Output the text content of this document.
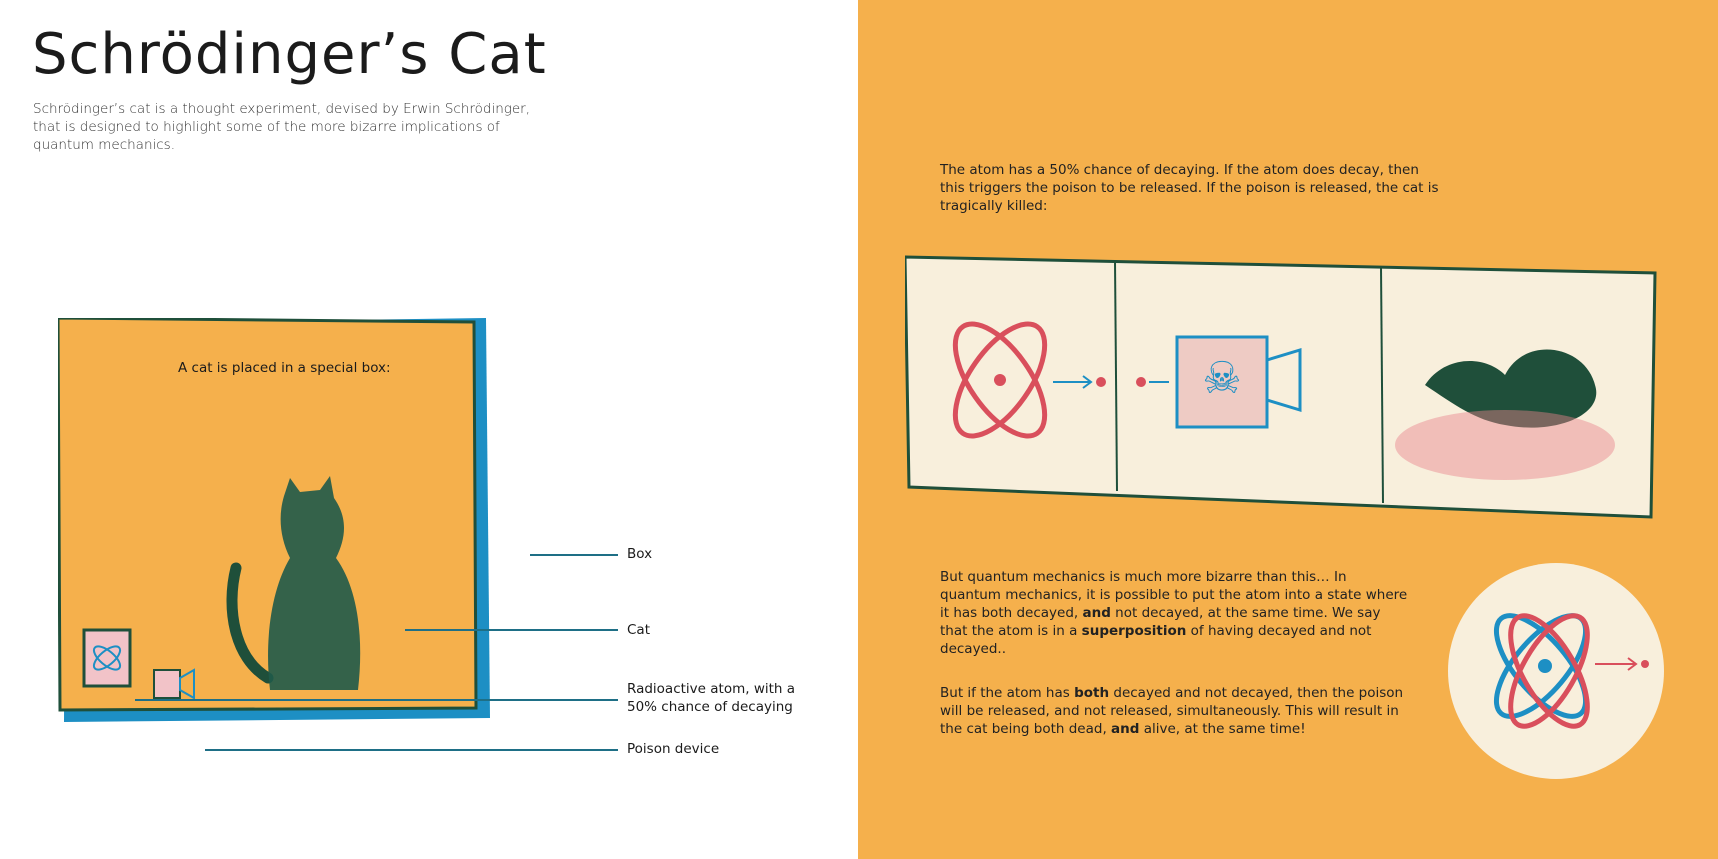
Schrödinger’s Cat
Schrödinger’s cat is a thought experiment, devised by Erwin Schrödinger, that is designed to highlight some of the more bizarre implications of quantum mechanics.
A cat is placed in a special box:
Box
Cat
Radioactive atom, with a
50% chance of decaying
Poison device
The atom has a 50% chance of decaying. If the atom does decay, then this triggers the poison to be released. If the poison is released, the cat is tragically killed:
☠
But quantum mechanics is much more bizarre than this… In quantum mechanics, it is possible to put the atom into a state where it has both decayed, and not decayed, at the same time. We say that the atom is in a superposition of having decayed and not decayed..
But if the atom has both decayed and not decayed, then the poison will be released, and not released, simultaneously. This will result in the cat being both dead, and alive, at the same time!
